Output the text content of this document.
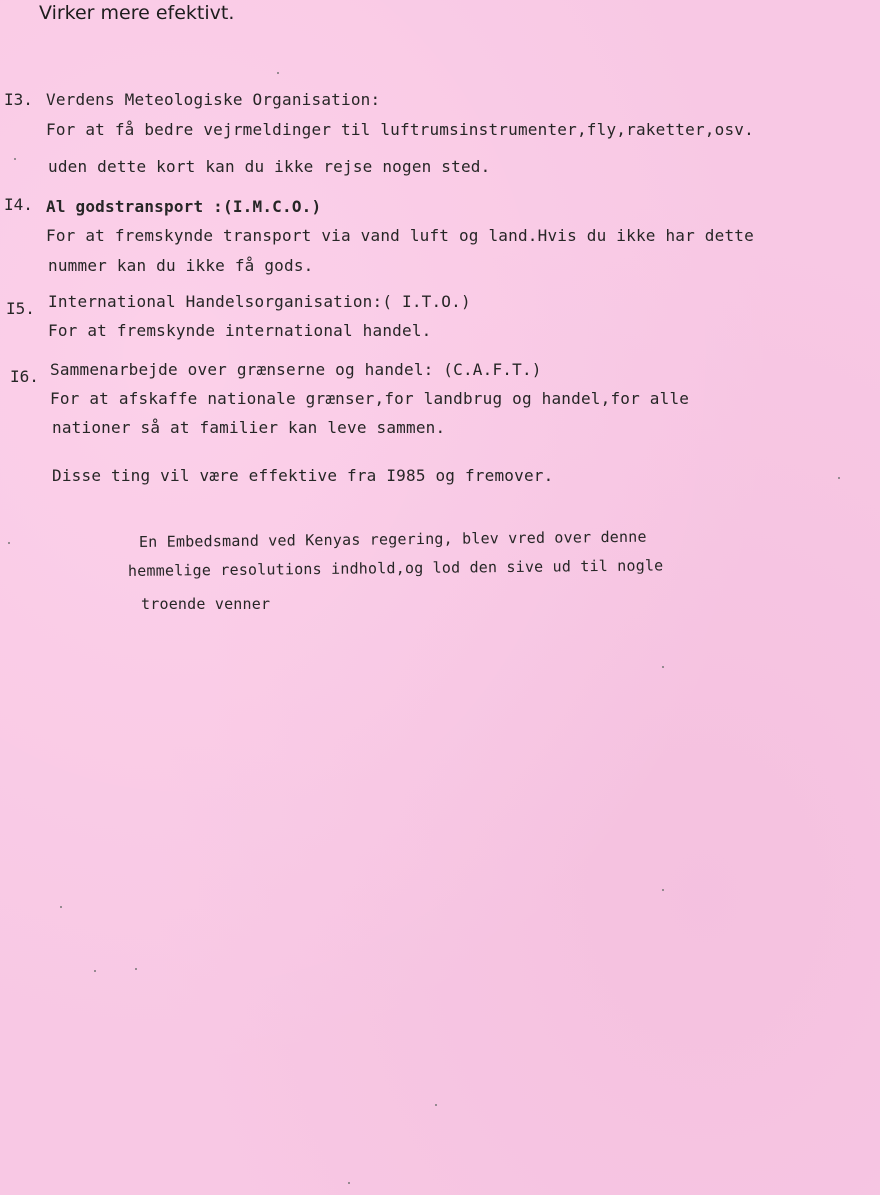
Virker mere efektivt.
I3. Verdens Meteologiske Organisation:
For at få bedre vejrmeldinger til luftrumsinstrumenter,fly,raketter,osv.
uden dette kort kan du ikke rejse nogen sted.
I4. Al godstransport :(I.M.C.O.)
For at fremskynde transport via vand luft og land.Hvis du ikke har dette
nummer kan du ikke få gods.
I5. International Handelsorganisation:( I.T.O.)
For at fremskynde international handel.
I6. Sammenarbejde over grænserne og handel: (C.A.F.T.)
For at afskaffe nationale grænser,for landbrug og handel,for alle
nationer så at familier kan leve sammen.
Disse ting vil være effektive fra I985 og fremover.
En Embedsmand ved Kenyas regering, blev vred over denne
hemmelige resolutions indhold,og lod den sive ud til nogle
troende venner
